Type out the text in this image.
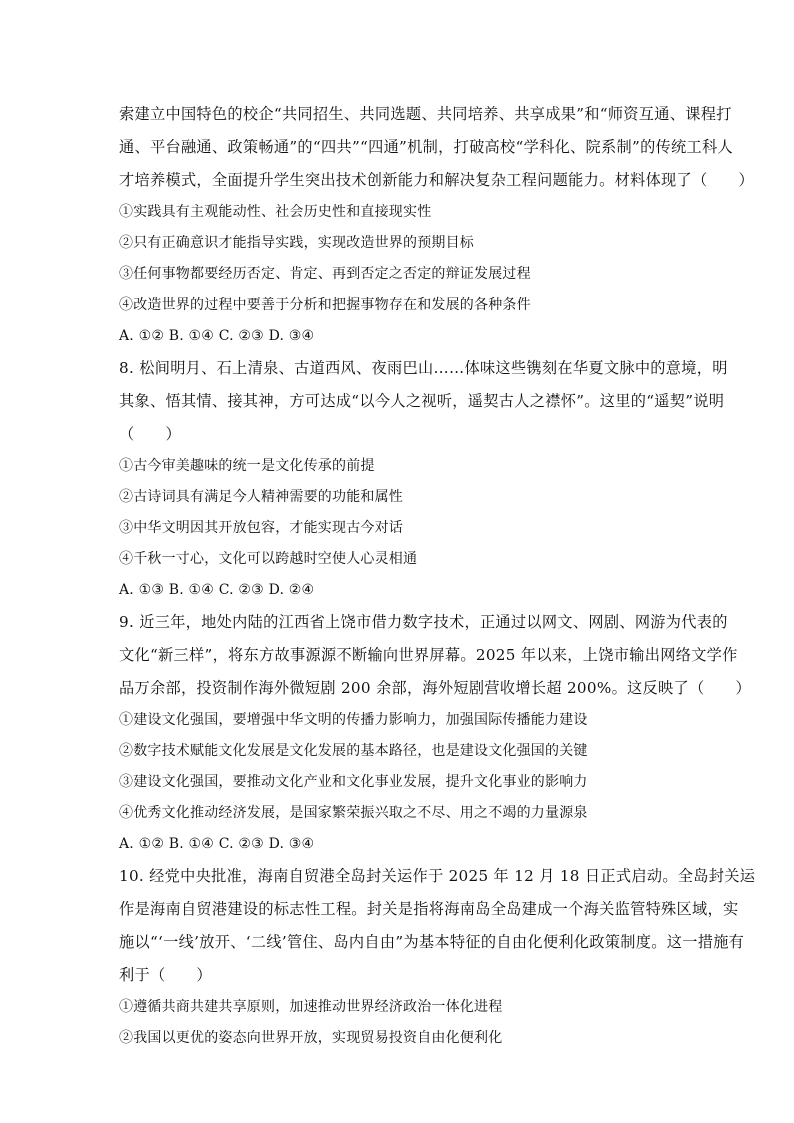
索建立中国特色的校企“共同招生、共同选题、共同培养、共享成果”和“师资互通、课程打
通、平台融通、政策畅通”的“四共”“四通”机制，打破高校“学科化、院系制”的传统工科人
才培养模式，全面提升学生突出技术创新能力和解决复杂工程问题能力。材料体现了（　　）
①实践具有主观能动性、社会历史性和直接现实性
②只有正确意识才能指导实践，实现改造世界的预期目标
③任何事物都要经历否定、肯定、再到否定之否定的辩证发展过程
④改造世界的过程中要善于分析和把握事物存在和发展的各种条件
A. ①② B. ①④ C. ②③ D. ③④
8. 松间明月、石上清泉、古道西风、夜雨巴山……体味这些镌刻在华夏文脉中的意境，明
其象、悟其情、接其神，方可达成“以今人之视听，遥契古人之襟怀”。这里的“遥契”说明
（　　）
①古今审美趣味的统一是文化传承的前提
②古诗词具有满足今人精神需要的功能和属性
③中华文明因其开放包容，才能实现古今对话
④千秋一寸心，文化可以跨越时空使人心灵相通
A. ①③ B. ①④ C. ②③ D. ②④
9. 近三年，地处内陆的江西省上饶市借力数字技术，正通过以网文、网剧、网游为代表的
文化“新三样”，将东方故事源源不断输向世界屏幕。2025 年以来，上饶市输出网络文学作
品万余部，投资制作海外微短剧 200 余部，海外短剧营收增长超 200%。这反映了（　　）
①建设文化强国，要增强中华文明的传播力影响力，加强国际传播能力建设
②数字技术赋能文化发展是文化发展的基本路径，也是建设文化强国的关键
③建设文化强国，要推动文化产业和文化事业发展，提升文化事业的影响力
④优秀文化推动经济发展，是国家繁荣振兴取之不尽、用之不竭的力量源泉
A. ①② B. ①④ C. ②③ D. ③④
10. 经党中央批准，海南自贸港全岛封关运作于 2025 年 12 月 18 日正式启动。全岛封关运
作是海南自贸港建设的标志性工程。封关是指将海南岛全岛建成一个海关监管特殊区域，实
施以“‘一线’放开、‘二线’管住、岛内自由”为基本特征的自由化便利化政策制度。这一措施有
利于（　　）
①遵循共商共建共享原则，加速推动世界经济政治一体化进程
②我国以更优的姿态向世界开放，实现贸易投资自由化便利化
